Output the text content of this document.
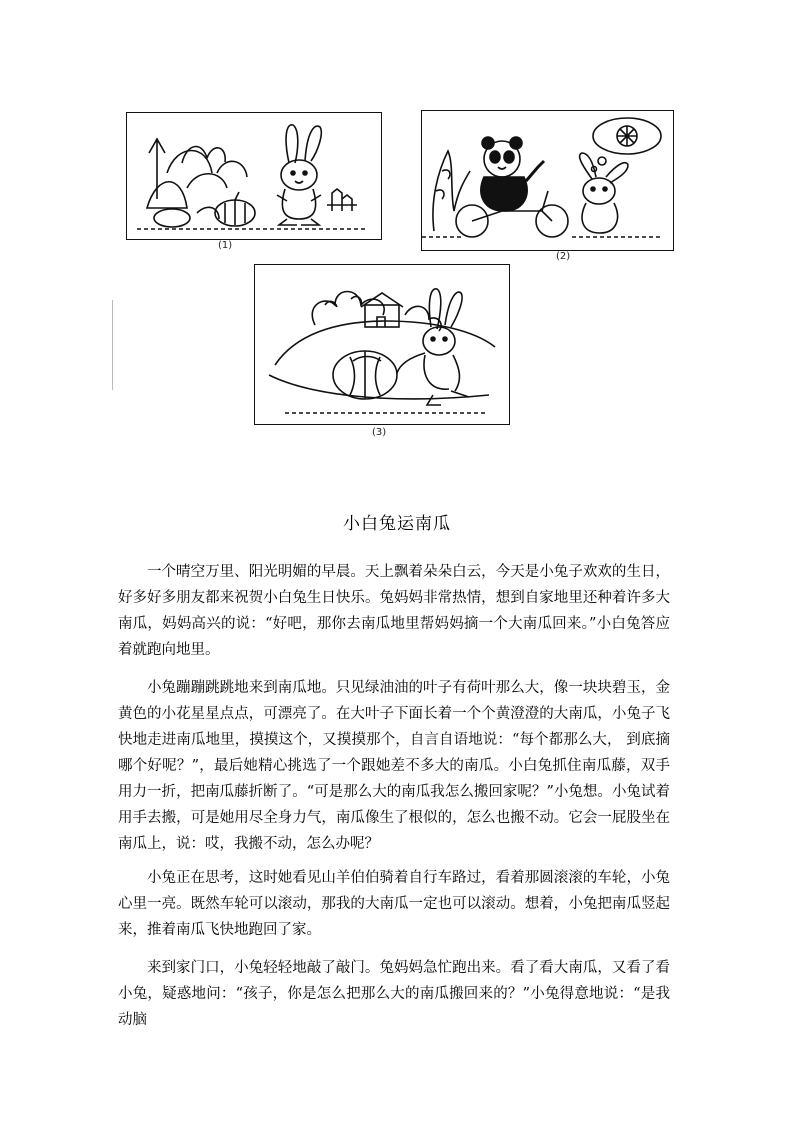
(1)
(2)
(3)
小白兔运南瓜

一个晴空万里、阳光明媚的早晨。天上飘着朵朵白云，今天是小兔子欢欢的生日，好多好多朋友都来祝贺小白兔生日快乐。兔妈妈非常热情，想到自家地里还种着许多大南瓜，妈妈高兴的说：“好吧，那你去南瓜地里帮妈妈摘一个大南瓜回来。”小白兔答应着就跑向地里。

小兔蹦蹦跳跳地来到南瓜地。只见绿油油的叶子有荷叶那么大，像一块块碧玉，金黄色的小花星星点点，可漂亮了。在大叶子下面长着一个个黄澄澄的大南瓜，小兔子飞快地走进南瓜地里，摸摸这个，又摸摸那个，自言自语地说：“每个都那么大， 到底摘哪个好呢？”，最后她精心挑选了一个跟她差不多大的南瓜。小白兔抓住南瓜藤，双手用力一折，把南瓜藤折断了。“可是那么大的南瓜我怎么搬回家呢？”小兔想。小兔试着用手去搬，可是她用尽全身力气，南瓜像生了根似的，怎么也搬不动。它会一屁股坐在南瓜上，说：哎，我搬不动，怎么办呢？

小兔正在思考，这时她看见山羊伯伯骑着自行车路过，看着那圆滚滚的车轮，小兔心里一亮。既然车轮可以滚动，那我的大南瓜一定也可以滚动。想着，小兔把南瓜竖起来，推着南瓜飞快地跑回了家。

来到家门口，小兔轻轻地敲了敲门。兔妈妈急忙跑出来。看了看大南瓜，又看了看小兔，疑惑地问：“孩子，你是怎么把那么大的南瓜搬回来的？”小兔得意地说：“是我动脑
